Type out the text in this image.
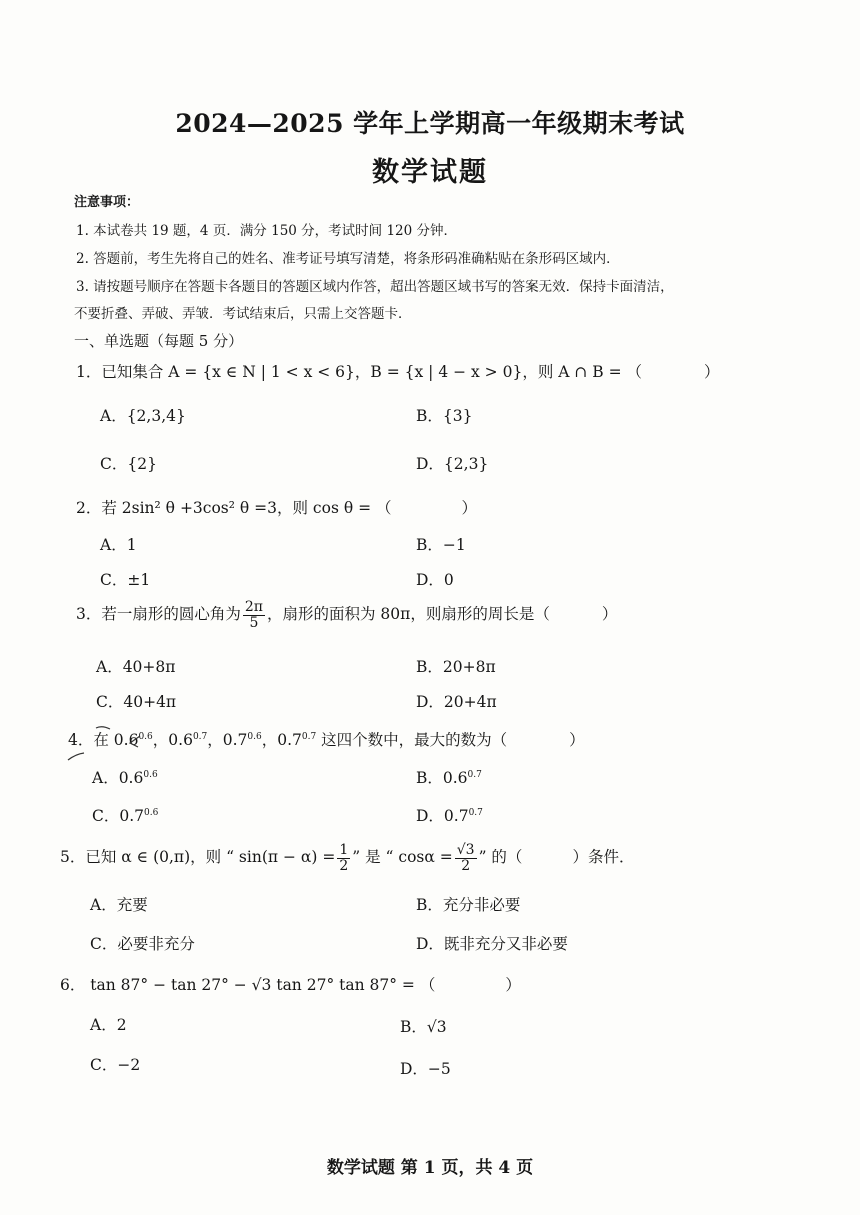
2024—2025 学年上学期高一年级期末考试
数学试题
注意事项：
1. 本试卷共 19 题，4 页．满分 150 分，考试时间 120 分钟．
2. 答题前，考生先将自己的姓名、准考证号填写清楚，将条形码准确粘贴在条形码区域内．
3. 请按题号顺序在答题卡各题目的答题区域内作答，超出答题区域书写的答案无效．保持卡面清洁，
不要折叠、弄破、弄皱．考试结束后，只需上交答题卡．
一、单选题（每题 5 分）
1．已知集合 A = {x ∈ N | 1 < x < 6}，B = {x | 4 − x > 0}，则 A ∩ B = （	）
A．{2,3,4}	B．{3}
C．{2}	D．{2,3}
2．若 2sin² θ +3cos² θ =3，则 cos θ = （	）
A．1	B．−1
C．±1	D．0
3．若一扇形的圆心角为 $\frac{2\pi}{5}$ ，扇形的面积为 80π，则扇形的周长是（	）
A．40+8π	B．20+8π
C．40+4π	D．20+4π
4．在 $0.6^{0.6}$，$0.6^{0.7}$，$0.7^{0.6}$，$0.7^{0.7}$ 这四个数中，最大的数为（	）
A．$0.6^{0.6}$	B．$0.6^{0.7}$
C．$0.7^{0.6}$	D．$0.7^{0.7}$
5．已知 α ∈ (0,π)，则 “ $\sin(\pi - \alpha) = \frac{1}{2}$ ” 是 “ $\cos\alpha = \frac{√3}{2}$ ” 的（	）条件．
A．充要	B．充分非必要
C．必要非充分	D．既非充分又非必要
6． tan 87° − tan 27° − √3 tan 27° tan 87° = （	）
A．2	B．√3
C．−2	D．−5
数学试题 第 1 页，共 4 页
